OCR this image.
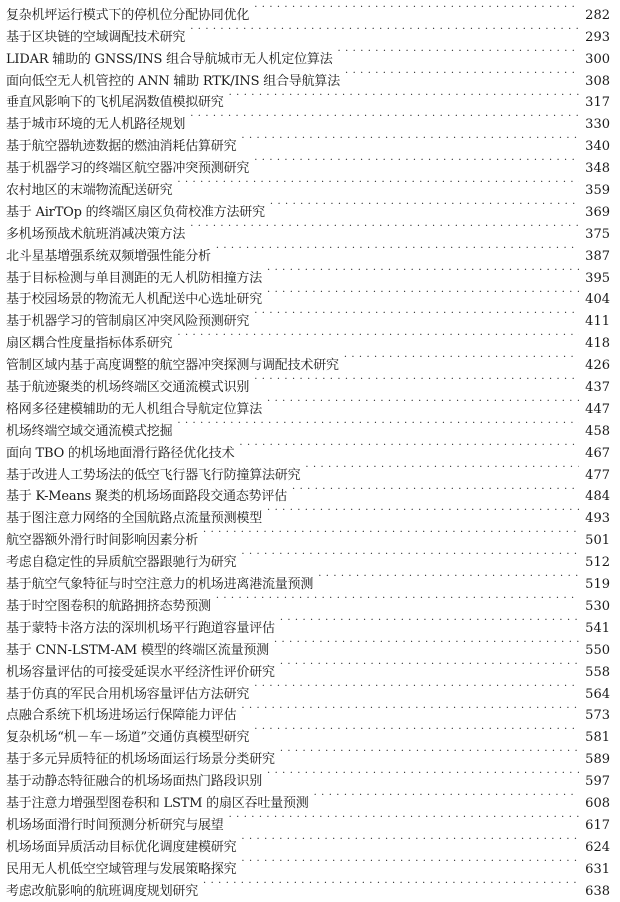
复杂机坪运行模式下的停机位分配协同优化 · · ·	282
基于区块链的空域调配技术研究 · · ·	293
LIDAR 辅助的 GNSS/INS 组合导航城市无人机定位算法 · · ·	300
面向低空无人机管控的 ANN 辅助 RTK/INS 组合导航算法 · · ·	308
垂直风影响下的飞机尾涡数值模拟研究 · · ·	317
基于城市环境的无人机路径规划 · · ·	330
基于航空器轨迹数据的燃油消耗估算研究 · · ·	340
基于机器学习的终端区航空器冲突预测研究 · · ·	348
农村地区的末端物流配送研究 · · ·	359
基于 AirTOp 的终端区扇区负荷校准方法研究 · · ·	369
多机场预战术航班消减决策方法 · · ·	375
北斗星基增强系统双频增强性能分析 · · ·	387
基于目标检测与单目测距的无人机防相撞方法 · · ·	395
基于校园场景的物流无人机配送中心选址研究 · · ·	404
基于机器学习的管制扇区冲突风险预测研究 · · ·	411
扇区耦合性度量指标体系研究 · · ·	418
管制区域内基于高度调整的航空器冲突探测与调配技术研究 · · ·	426
基于航迹聚类的机场终端区交通流模式识别 · · ·	437
格网多径建模辅助的无人机组合导航定位算法 · · ·	447
机场终端空域交通流模式挖掘 · · ·	458
面向 TBO 的机场地面滑行路径优化技术 · · ·	467
基于改进人工势场法的低空飞行器飞行防撞算法研究 · · ·	477
基于 K-Means 聚类的机场场面路段交通态势评估 · · ·	484
基于图注意力网络的全国航路点流量预测模型 · · ·	493
航空器额外滑行时间影响因素分析 · · ·	501
考虑自稳定性的异质航空器跟驰行为研究 · · ·	512
基于航空气象特征与时空注意力的机场进离港流量预测 · · ·	519
基于时空图卷积的航路拥挤态势预测 · · ·	530
基于蒙特卡洛方法的深圳机场平行跑道容量评估 · · ·	541
基于 CNN-LSTM-AM 模型的终端区流量预测 · · ·	550
机场容量评估的可接受延误水平经济性评价研究 · · ·	558
基于仿真的军民合用机场容量评估方法研究 · · ·	564
点融合系统下机场进场运行保障能力评估 · · ·	573
复杂机场“机－车－场道”交通仿真模型研究 · · ·	581
基于多元异质特征的机场场面运行场景分类研究 · · ·	589
基于动静态特征融合的机场场面热门路段识别 · · ·	597
基于注意力增强型图卷积和 LSTM 的扇区吞吐量预测 · · ·	608
机场场面滑行时间预测分析研究与展望 · · ·	617
机场场面异质活动目标优化调度建模研究 · · ·	624
民用无人机低空空域管理与发展策略探究 · · ·	631
考虑改航影响的航班调度规划研究 · · ·	638
